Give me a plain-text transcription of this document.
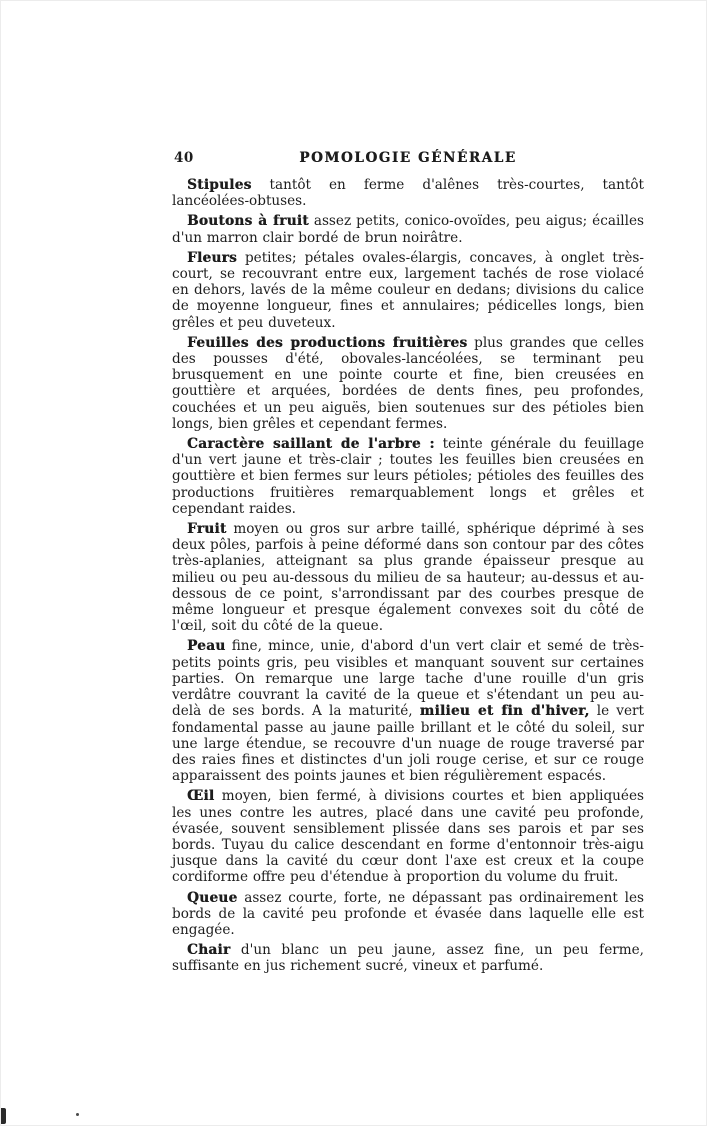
40	POMOLOGIE GÉNÉRALE

Stipules tantôt en ferme d'alênes très-courtes, tantôt lancéolées-obtuses.

Boutons à fruit assez petits, conico-ovoïdes, peu aigus; écailles d'un marron clair bordé de brun noirâtre.

Fleurs petites; pétales ovales-élargis, concaves, à onglet très-court, se recouvrant entre eux, largement tachés de rose violacé en dehors, lavés de la même couleur en dedans; divisions du calice de moyenne longueur, fines et annulaires; pédicelles longs, bien grêles et peu duveteux.

Feuilles des productions fruitières plus grandes que celles des pousses d'été, obovales-lancéolées, se terminant peu brusquement en une pointe courte et fine, bien creusées en gouttière et arquées, bordées de dents fines, peu profondes, couchées et un peu aiguës, bien soutenues sur des pétioles bien longs, bien grêles et cependant fermes.

Caractère saillant de l'arbre : teinte générale du feuillage d'un vert jaune et très-clair ; toutes les feuilles bien creusées en gouttière et bien fermes sur leurs pétioles; pétioles des feuilles des productions fruitières remarquablement longs et grêles et cependant raides.

Fruit moyen ou gros sur arbre taillé, sphérique déprimé à ses deux pôles, parfois à peine déformé dans son contour par des côtes très-aplanies, atteignant sa plus grande épaisseur presque au milieu ou peu au-dessous du milieu de sa hauteur; au-dessus et au-dessous de ce point, s'arrondissant par des courbes presque de même longueur et presque également convexes soit du côté de l'œil, soit du côté de la queue.

Peau fine, mince, unie, d'abord d'un vert clair et semé de très-petits points gris, peu visibles et manquant souvent sur certaines parties. On remarque une large tache d'une rouille d'un gris verdâtre couvrant la cavité de la queue et s'étendant un peu au-delà de ses bords. A la maturité, milieu et fin d'hiver, le vert fondamental passe au jaune paille brillant et le côté du soleil, sur une large étendue, se recouvre d'un nuage de rouge traversé par des raies fines et distinctes d'un joli rouge cerise, et sur ce rouge apparaissent des points jaunes et bien régulièrement espacés.

Œil moyen, bien fermé, à divisions courtes et bien appliquées les unes contre les autres, placé dans une cavité peu profonde, évasée, souvent sensiblement plissée dans ses parois et par ses bords. Tuyau du calice descendant en forme d'entonnoir très-aigu jusque dans la cavité du cœur dont l'axe est creux et la coupe cordiforme offre peu d'étendue à proportion du volume du fruit.

Queue assez courte, forte, ne dépassant pas ordinairement les bords de la cavité peu profonde et évasée dans laquelle elle est engagée.

Chair d'un blanc un peu jaune, assez fine, un peu ferme, suffisante en jus richement sucré, vineux et parfumé.
